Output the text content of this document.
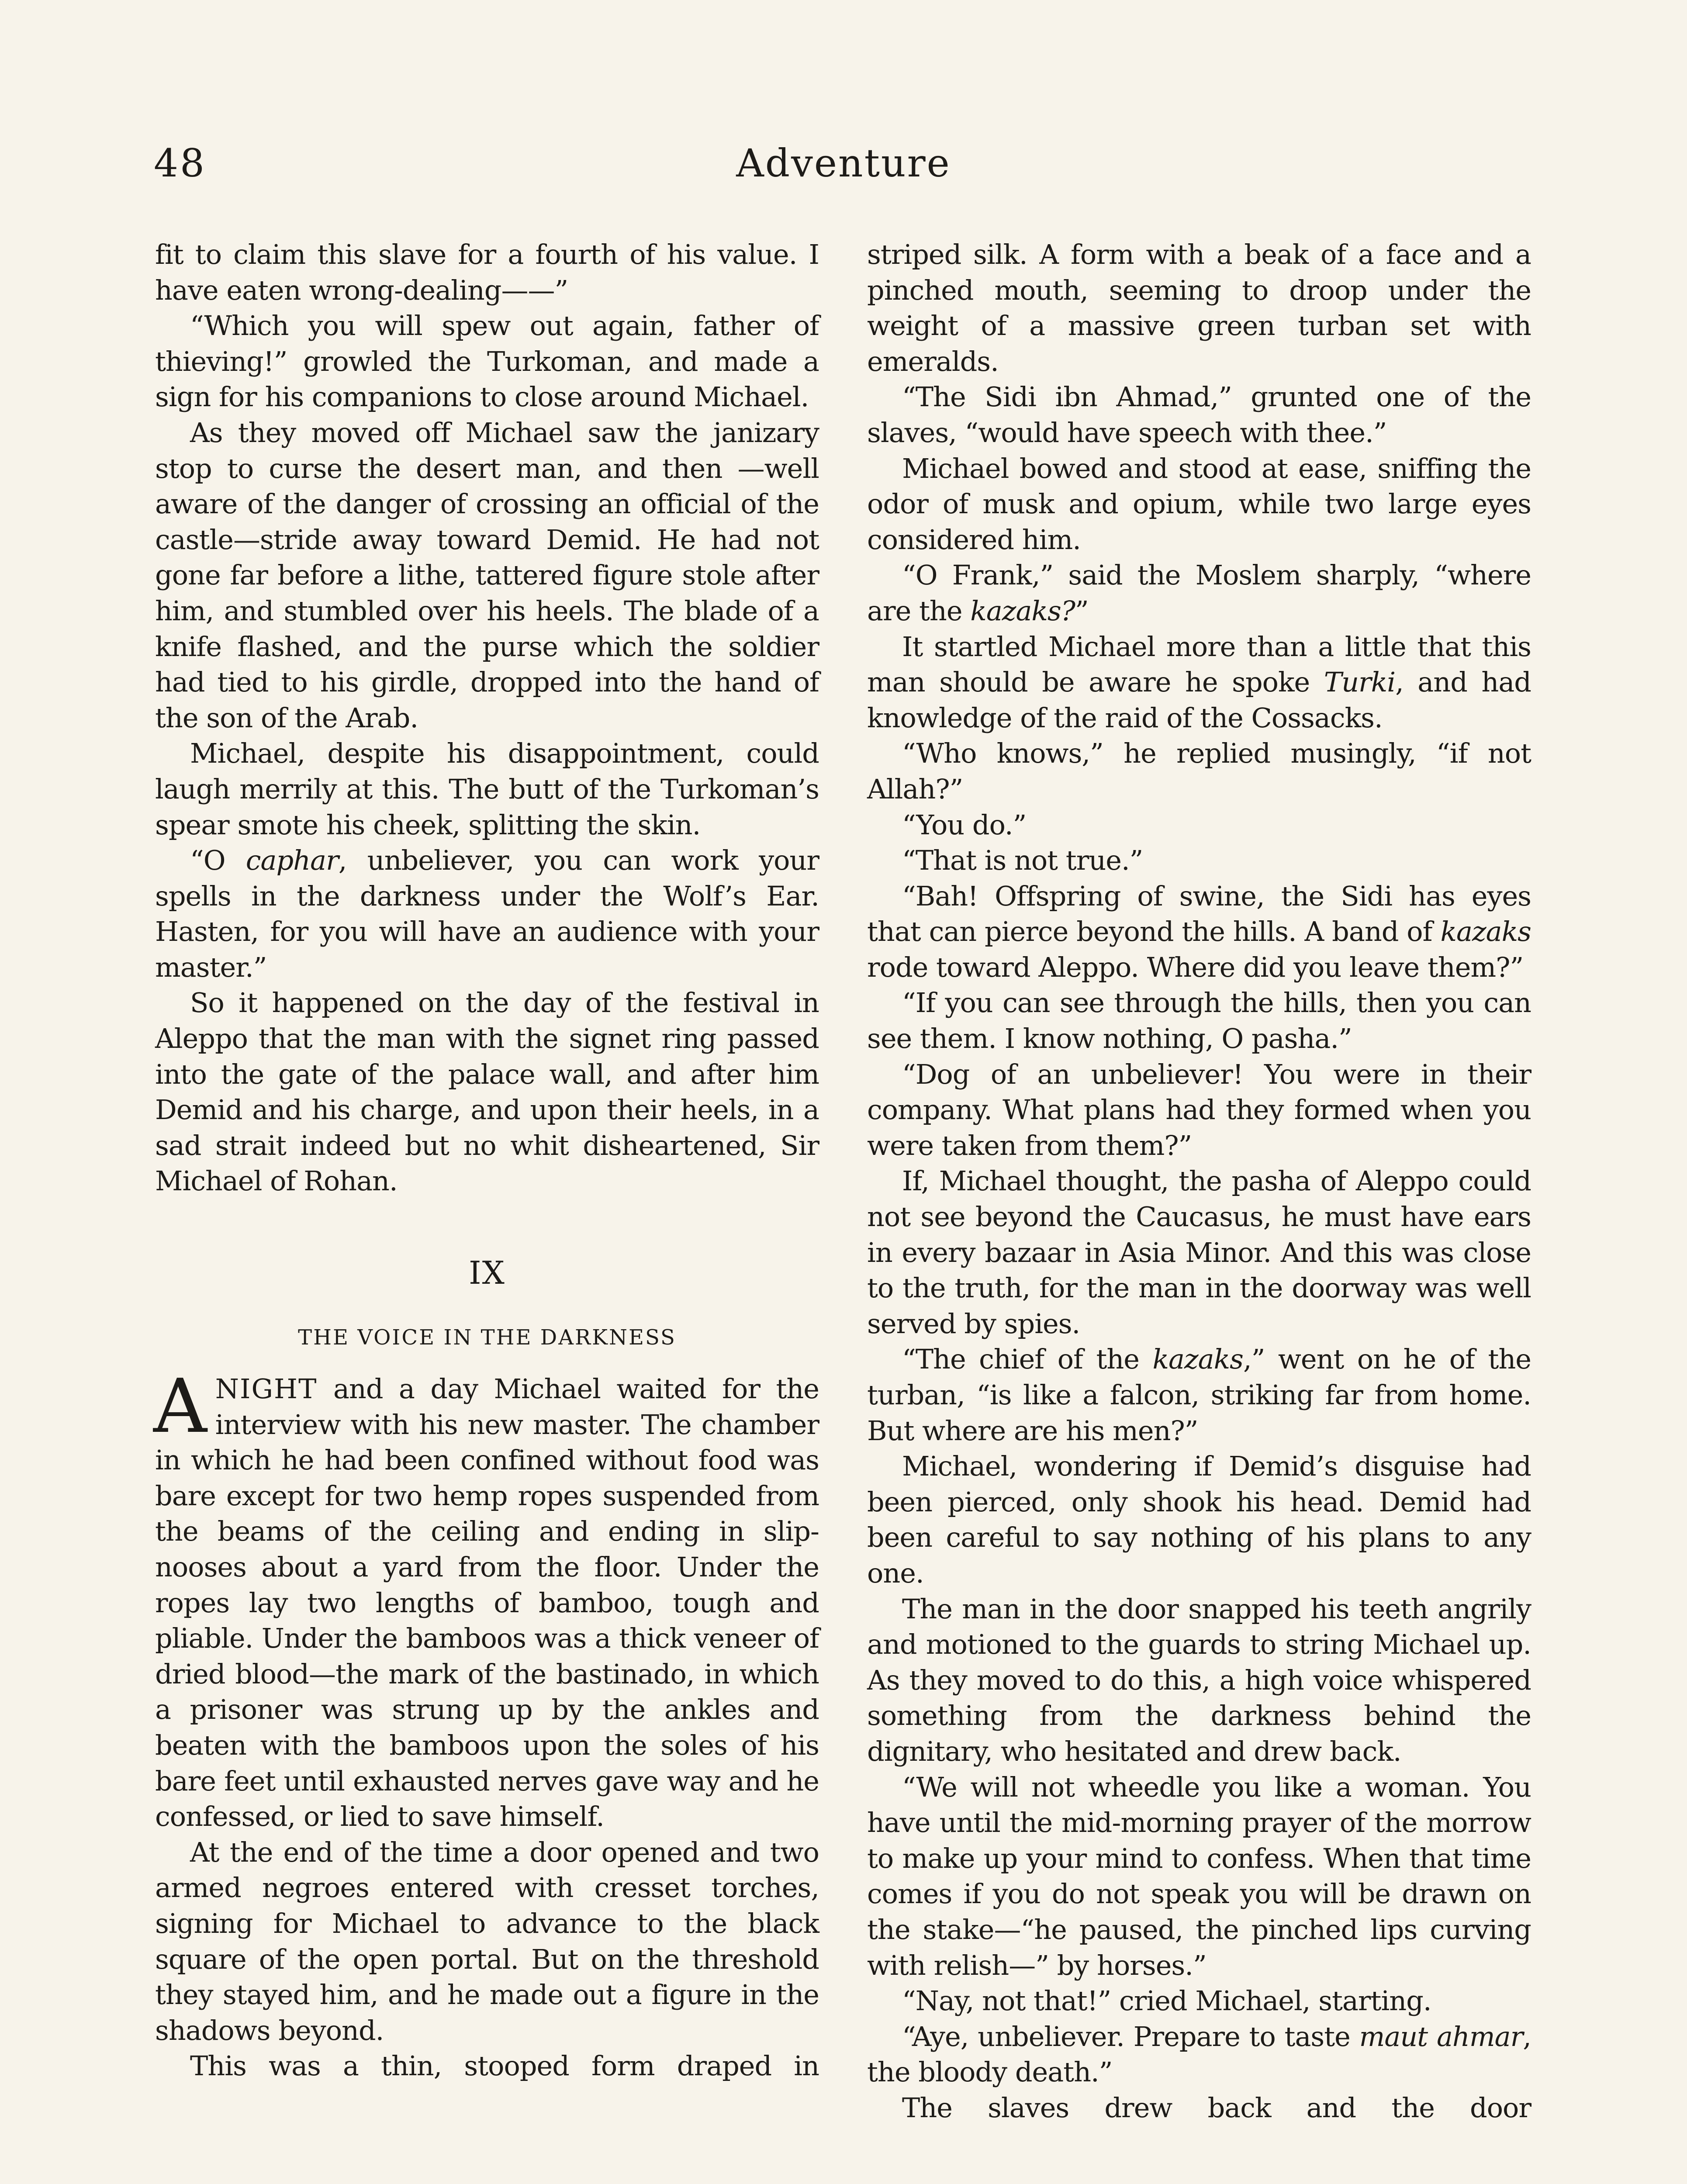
48	Adventure

fit to claim this slave for a fourth of his value. I have eaten wrong-dealing——”

“Which you will spew out again, father of thieving!” growled the Turkoman, and made a sign for his companions to close around Michael.

As they moved off Michael saw the janizary stop to curse the desert man, and then —well aware of the danger of crossing an official of the castle—stride away toward Demid. He had not gone far before a lithe, tattered figure stole after him, and stumbled over his heels. The blade of a knife flashed, and the purse which the soldier had tied to his girdle, dropped into the hand of the son of the Arab.

Michael, despite his disappointment, could laugh merrily at this. The butt of the Turkoman’s spear smote his cheek, splitting the skin.

“O caphar, unbeliever, you can work your spells in the darkness under the Wolf’s Ear. Hasten, for you will have an audience with your master.”

So it happened on the day of the festival in Aleppo that the man with the signet ring passed into the gate of the palace wall, and after him Demid and his charge, and upon their heels, in a sad strait indeed but no whit disheartened, Sir Michael of Rohan.

IX
THE VOICE IN THE DARKNESS

ANIGHT and a day Michael waited for the interview with his new master. The chamber in which he had been confined without food was bare except for two hemp ropes suspended from the beams of the ceiling and ending in slip-nooses about a yard from the floor. Under the ropes lay two lengths of bamboo, tough and pliable. Under the bamboos was a thick veneer of dried blood—the mark of the bastinado, in which a prisoner was strung up by the ankles and beaten with the bamboos upon the soles of his bare feet until exhausted nerves gave way and he confessed, or lied to save himself.

At the end of the time a door opened and two armed negroes entered with cresset torches, signing for Michael to advance to the black square of the open portal. But on the threshold they stayed him, and he made out a figure in the shadows beyond.

This was a thin, stooped form draped in

striped silk. A form with a beak of a face and a pinched mouth, seeming to droop under the weight of a massive green turban set with emeralds.

“The Sidi ibn Ahmad,” grunted one of the slaves, “would have speech with thee.”

Michael bowed and stood at ease, sniffing the odor of musk and opium, while two large eyes considered him.

“O Frank,” said the Moslem sharply, “where are the kazaks?”

It startled Michael more than a little that this man should be aware he spoke Turki, and had knowledge of the raid of the Cossacks.

“Who knows,” he replied musingly, “if not Allah?”

“You do.”

“That is not true.”

“Bah! Offspring of swine, the Sidi has eyes that can pierce beyond the hills. A band of kazaks rode toward Aleppo. Where did you leave them?”

“If you can see through the hills, then you can see them. I know nothing, O pasha.”

“Dog of an unbeliever! You were in their company. What plans had they formed when you were taken from them?”

If, Michael thought, the pasha of Aleppo could not see beyond the Caucasus, he must have ears in every bazaar in Asia Minor. And this was close to the truth, for the man in the doorway was well served by spies.

“The chief of the kazaks,” went on he of the turban, “is like a falcon, striking far from home. But where are his men?”

Michael, wondering if Demid’s disguise had been pierced, only shook his head. Demid had been careful to say nothing of his plans to any one.

The man in the door snapped his teeth angrily and motioned to the guards to string Michael up. As they moved to do this, a high voice whispered something from the darkness behind the dignitary, who hesitated and drew back.

“We will not wheedle you like a woman. You have until the mid-morning prayer of the morrow to make up your mind to confess. When that time comes if you do not speak you will be drawn on the stake—“he paused, the pinched lips curving with relish—” by horses.”

“Nay, not that!” cried Michael, starting.

“Aye, unbeliever. Prepare to taste maut ahmar, the bloody death.”

The slaves drew back and the door
